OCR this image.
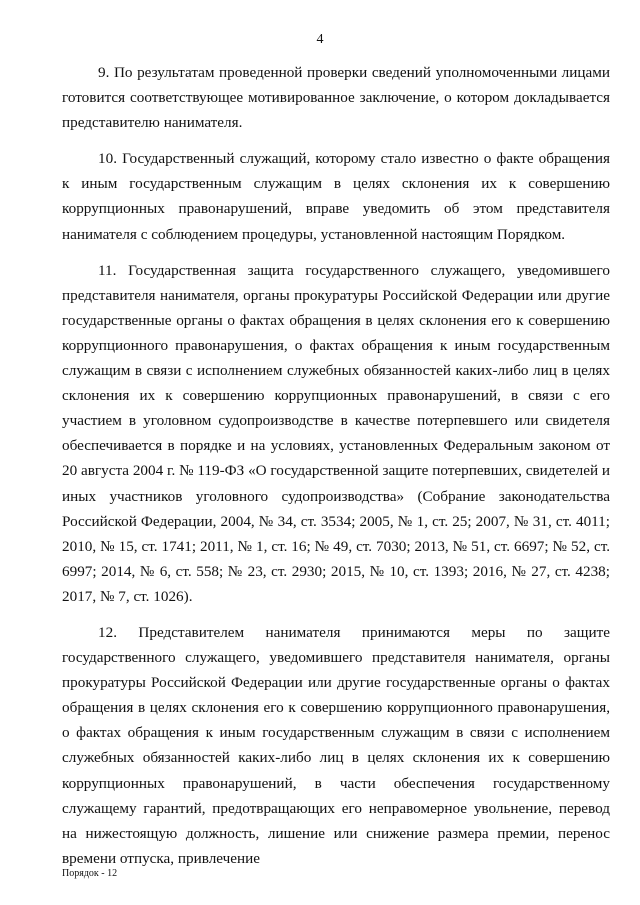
4

9. По результатам проведенной проверки сведений уполномоченными лицами готовится соответствующее мотивированное заключение, о котором докладывается представителю нанимателя.

10. Государственный служащий, которому стало известно о факте обращения к иным государственным служащим в целях склонения их к совершению коррупционных правонарушений, вправе уведомить об этом представителя нанимателя с соблюдением процедуры, установленной настоящим Порядком.

11. Государственная защита государственного служащего, уведомившего представителя нанимателя, органы прокуратуры Российской Федерации или другие государственные органы о фактах обращения в целях склонения его к совершению коррупционного правонарушения, о фактах обращения к иным государственным служащим в связи с исполнением служебных обязанностей каких-либо лиц в целях склонения их к совершению коррупционных правонарушений, в связи с его участием в уголовном судопроизводстве в качестве потерпевшего или свидетеля обеспечивается в порядке и на условиях, установленных Федеральным законом от 20 августа 2004 г. № 119-ФЗ «О государственной защите потерпевших, свидетелей и иных участников уголовного судопроизводства» (Собрание законодательства Российской Федерации, 2004, № 34, ст. 3534; 2005, № 1, ст. 25; 2007, № 31, ст. 4011; 2010, № 15, ст. 1741; 2011, № 1, ст. 16; № 49, ст. 7030; 2013, № 51, ст. 6697; № 52, ст. 6997; 2014, № 6, ст. 558; № 23, ст. 2930; 2015, № 10, ст. 1393; 2016, № 27, ст. 4238; 2017, № 7, ст. 1026).

12. Представителем нанимателя принимаются меры по защите государственного служащего, уведомившего представителя нанимателя, органы прокуратуры Российской Федерации или другие государственные органы о фактах обращения в целях склонения его к совершению коррупционного правонарушения, о фактах обращения к иным государственным служащим в связи с исполнением служебных обязанностей каких-либо лиц в целях склонения их к совершению коррупционных правонарушений, в части обеспечения государственному служащему гарантий, предотвращающих его неправомерное увольнение, перевод на нижестоящую должность, лишение или снижение размера премии, перенос времени отпуска, привлечение

Порядок - 12
